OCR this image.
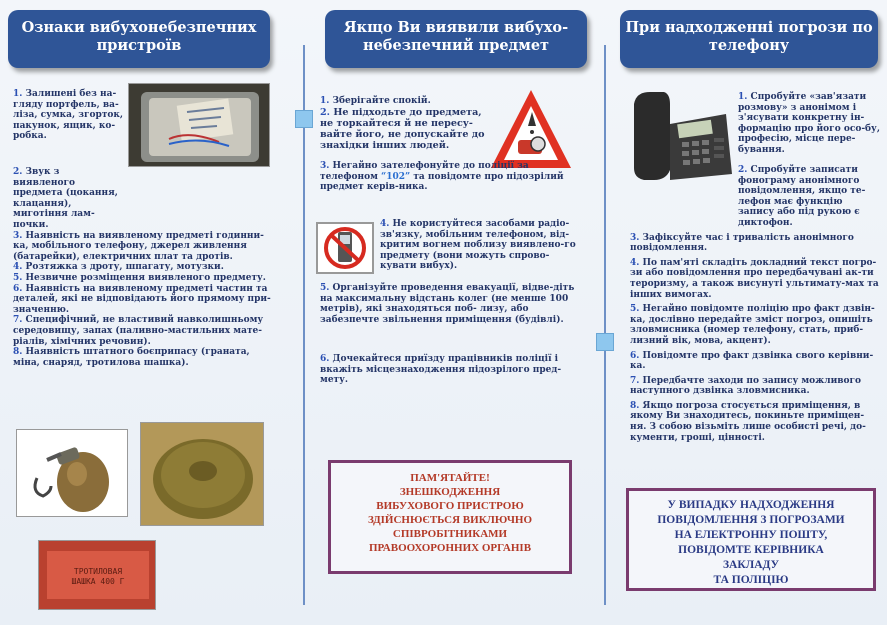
Ознаки вибухонебезпечних пристроїв
Якщо Ви виявили вибухо-небезпечний предмет
При надходженні погрози по телефону
1. Залишені без на-глядy портфель, ва-ліза, сумка, згорток, пакунок, ящик, ко-робка.
2. Звук з виявленого предмета (цокання, клацання), миготіння лам-почки.
3. Наявність на виявленому предметі годинни-ка, мобільного телефону, джерел живлення (батарейки), електричних плат та дротів.
4. Розтяжка з дроту, шпагату, мотузки.
5. Незвичне розміщення виявленого предмету.
6. Наявність на виявленому предметі частин та деталей, які не відповідають його прямому при-значенню.
7. Специфічний, не властивий навколишньому середовищу, запах (паливно-мастильних мате-ріалів, хімічних речовин).
8. Наявність штатного боєприпасу (граната, міна, снаряд, тротилова шашка).
ТРОТИЛОВАЯ
ШАШКА 400 Г
1. Зберігайте спокій.
2. Не підходьте до предмета, не торкайтеся й не пересу-вайте його, не допускайте до знахідки інших людей.
3. Негайно зателефонуйте до поліції за телефоном “102” та повідомте про підозрілий предмет керів-ника.
4. Не користуйтеся засобами радіо-зв'язку, мобільним телефоном, від-критим вогнем поблизу виявлено-го предмету (вони можуть спрово-кувати вибух).
5. Організуйте проведення евакуації, відве-діть на максимальну відстань колег (не менше 100 метрів), які знаходяться поб- лизу, або забезпечте звільнення приміщення (будівлі).
6. Дочекайтеся приїзду працівників поліції і вкажіть місцезнаходження підозрілого пред-мету.
ПАМ'ЯТАЙТЕ!
ЗНЕШКОДЖЕННЯ
ВИБУХОВОГО ПРИСТРОЮ
ЗДІЙСНЮЄТЬСЯ ВИКЛЮЧНО
СПІВРОБІТНИКАМИ
ПРАВООХОРОННИХ ОРГАНІВ
1. Спробуйте «зав'язати розмову» з анонімом і з'ясувати конкретну ін-формацію про його осо-бу, професію, місце пере-бування.
2. Спробуйте записати фонограму анонімного повідомлення, якщо те-лефон має функцію запису або під рукою є диктофон.
3. Зафіксуйте час і тривалість анонімного повідомлення.
4. По пам'яті складіть докладний текст погро-зи або повідомлення про передбачувані ак-ти тероризму, а також висунуті ультимату-мах та інших вимогах.
5. Негайно повідомте поліцію про факт дзвін-ка, дослівно передайте зміст погроз, опишіть зловмисника (номер телефону, стать, приб-лизний вік, мова, акцент).
6. Повідомте про факт дзвінка свого керівни-ка.
7. Передбачте заходи по запису можливого наступного дзвінка зловмисника.
8. Якщо погроза стосується приміщення, в якому Ви знаходитесь, покиньте приміщен-ня. З собою візьміть лише особисті речі, до-кументи, гроші, цінності.
У ВИПАДКУ НАДХОДЖЕННЯ
ПОВІДОМЛЕННЯ З ПОГРОЗАМИ
НА ЕЛЕКТРОННУ ПОШТУ,
ПОВІДОМТЕ КЕРІВНИКА
ЗАКЛАДУ
ТА ПОЛІЦІЮ
